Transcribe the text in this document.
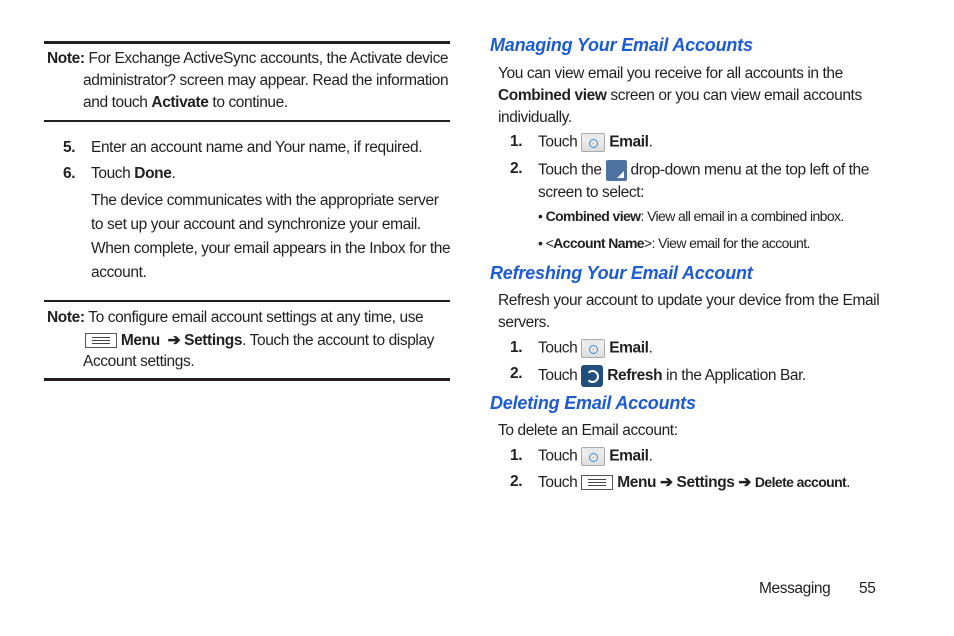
Note: For Exchange ActiveSync accounts, the Activate device
administrator? screen may appear. Read the information
and touch Activate to continue.
5. Enter an account name and Your name, if required.
6. Touch Done.
The device communicates with the appropriate server
to set up your account and synchronize your email.
When complete, your email appears in the Inbox for the
account.
Note: To configure email account settings at any time, use
Menu ➔ Settings. Touch the account to display
Account settings.
Managing Your Email Accounts
You can view email you receive for all accounts in the
Combined view screen or you can view email accounts
individually.
1. Touch Email.
2. Touch the drop-down menu at the top left of the
screen to select:
• Combined view: View all email in a combined inbox.
• <Account Name>: View email for the account.
Refreshing Your Email Account
Refresh your account to update your device from the Email
servers.
1. Touch Email.
2. Touch Refresh in the Application Bar.
Deleting Email Accounts
To delete an Email account:
1. Touch Email.
2. Touch	Menu ➔ Settings ➔ Delete account.
Messaging 55
